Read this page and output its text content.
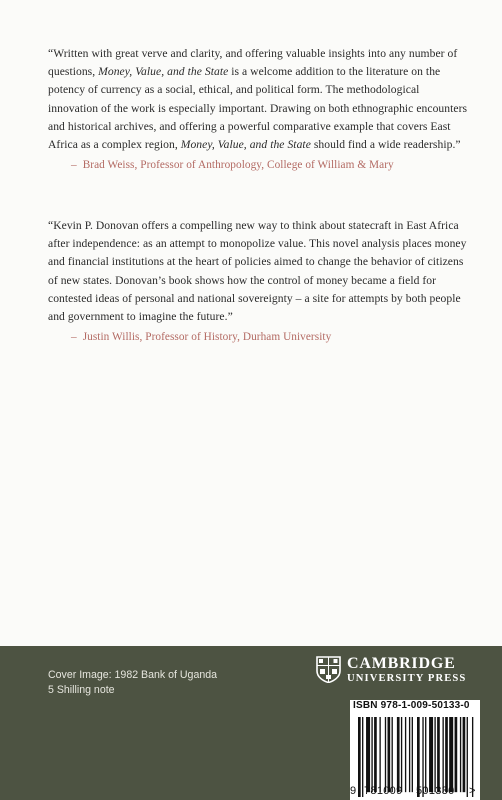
“Written with great verve and clarity, and offering valuable insights into any number of questions, Money, Value, and the State is a welcome addition to the literature on the potency of currency as a social, ethical, and political form. The methodological innovation of the work is especially important. Drawing on both ethnographic encounters and historical archives, and offering a powerful comparative example that covers East Africa as a complex region, Money, Value, and the State should find a wide readership.”

– Brad Weiss, Professor of Anthropology, College of William & Mary

“Kevin P. Donovan offers a compelling new way to think about statecraft in East Africa after independence: as an attempt to monopolize value. This novel analysis places money and financial institutions at the heart of policies aimed to change the behavior of citizens of new states. Donovan’s book shows how the control of money became a field for contested ideas of personal and national sovereignty – a site for attempts by both people and government to imagine the future.”

– Justin Willis, Professor of History, Durham University
Cover Image: 1982 Bank of Uganda
5 Shilling note
CAMBRIDGE
UNIVERSITY PRESS
ISBN 978-1-009-50133-0
9 781009 501330 >
